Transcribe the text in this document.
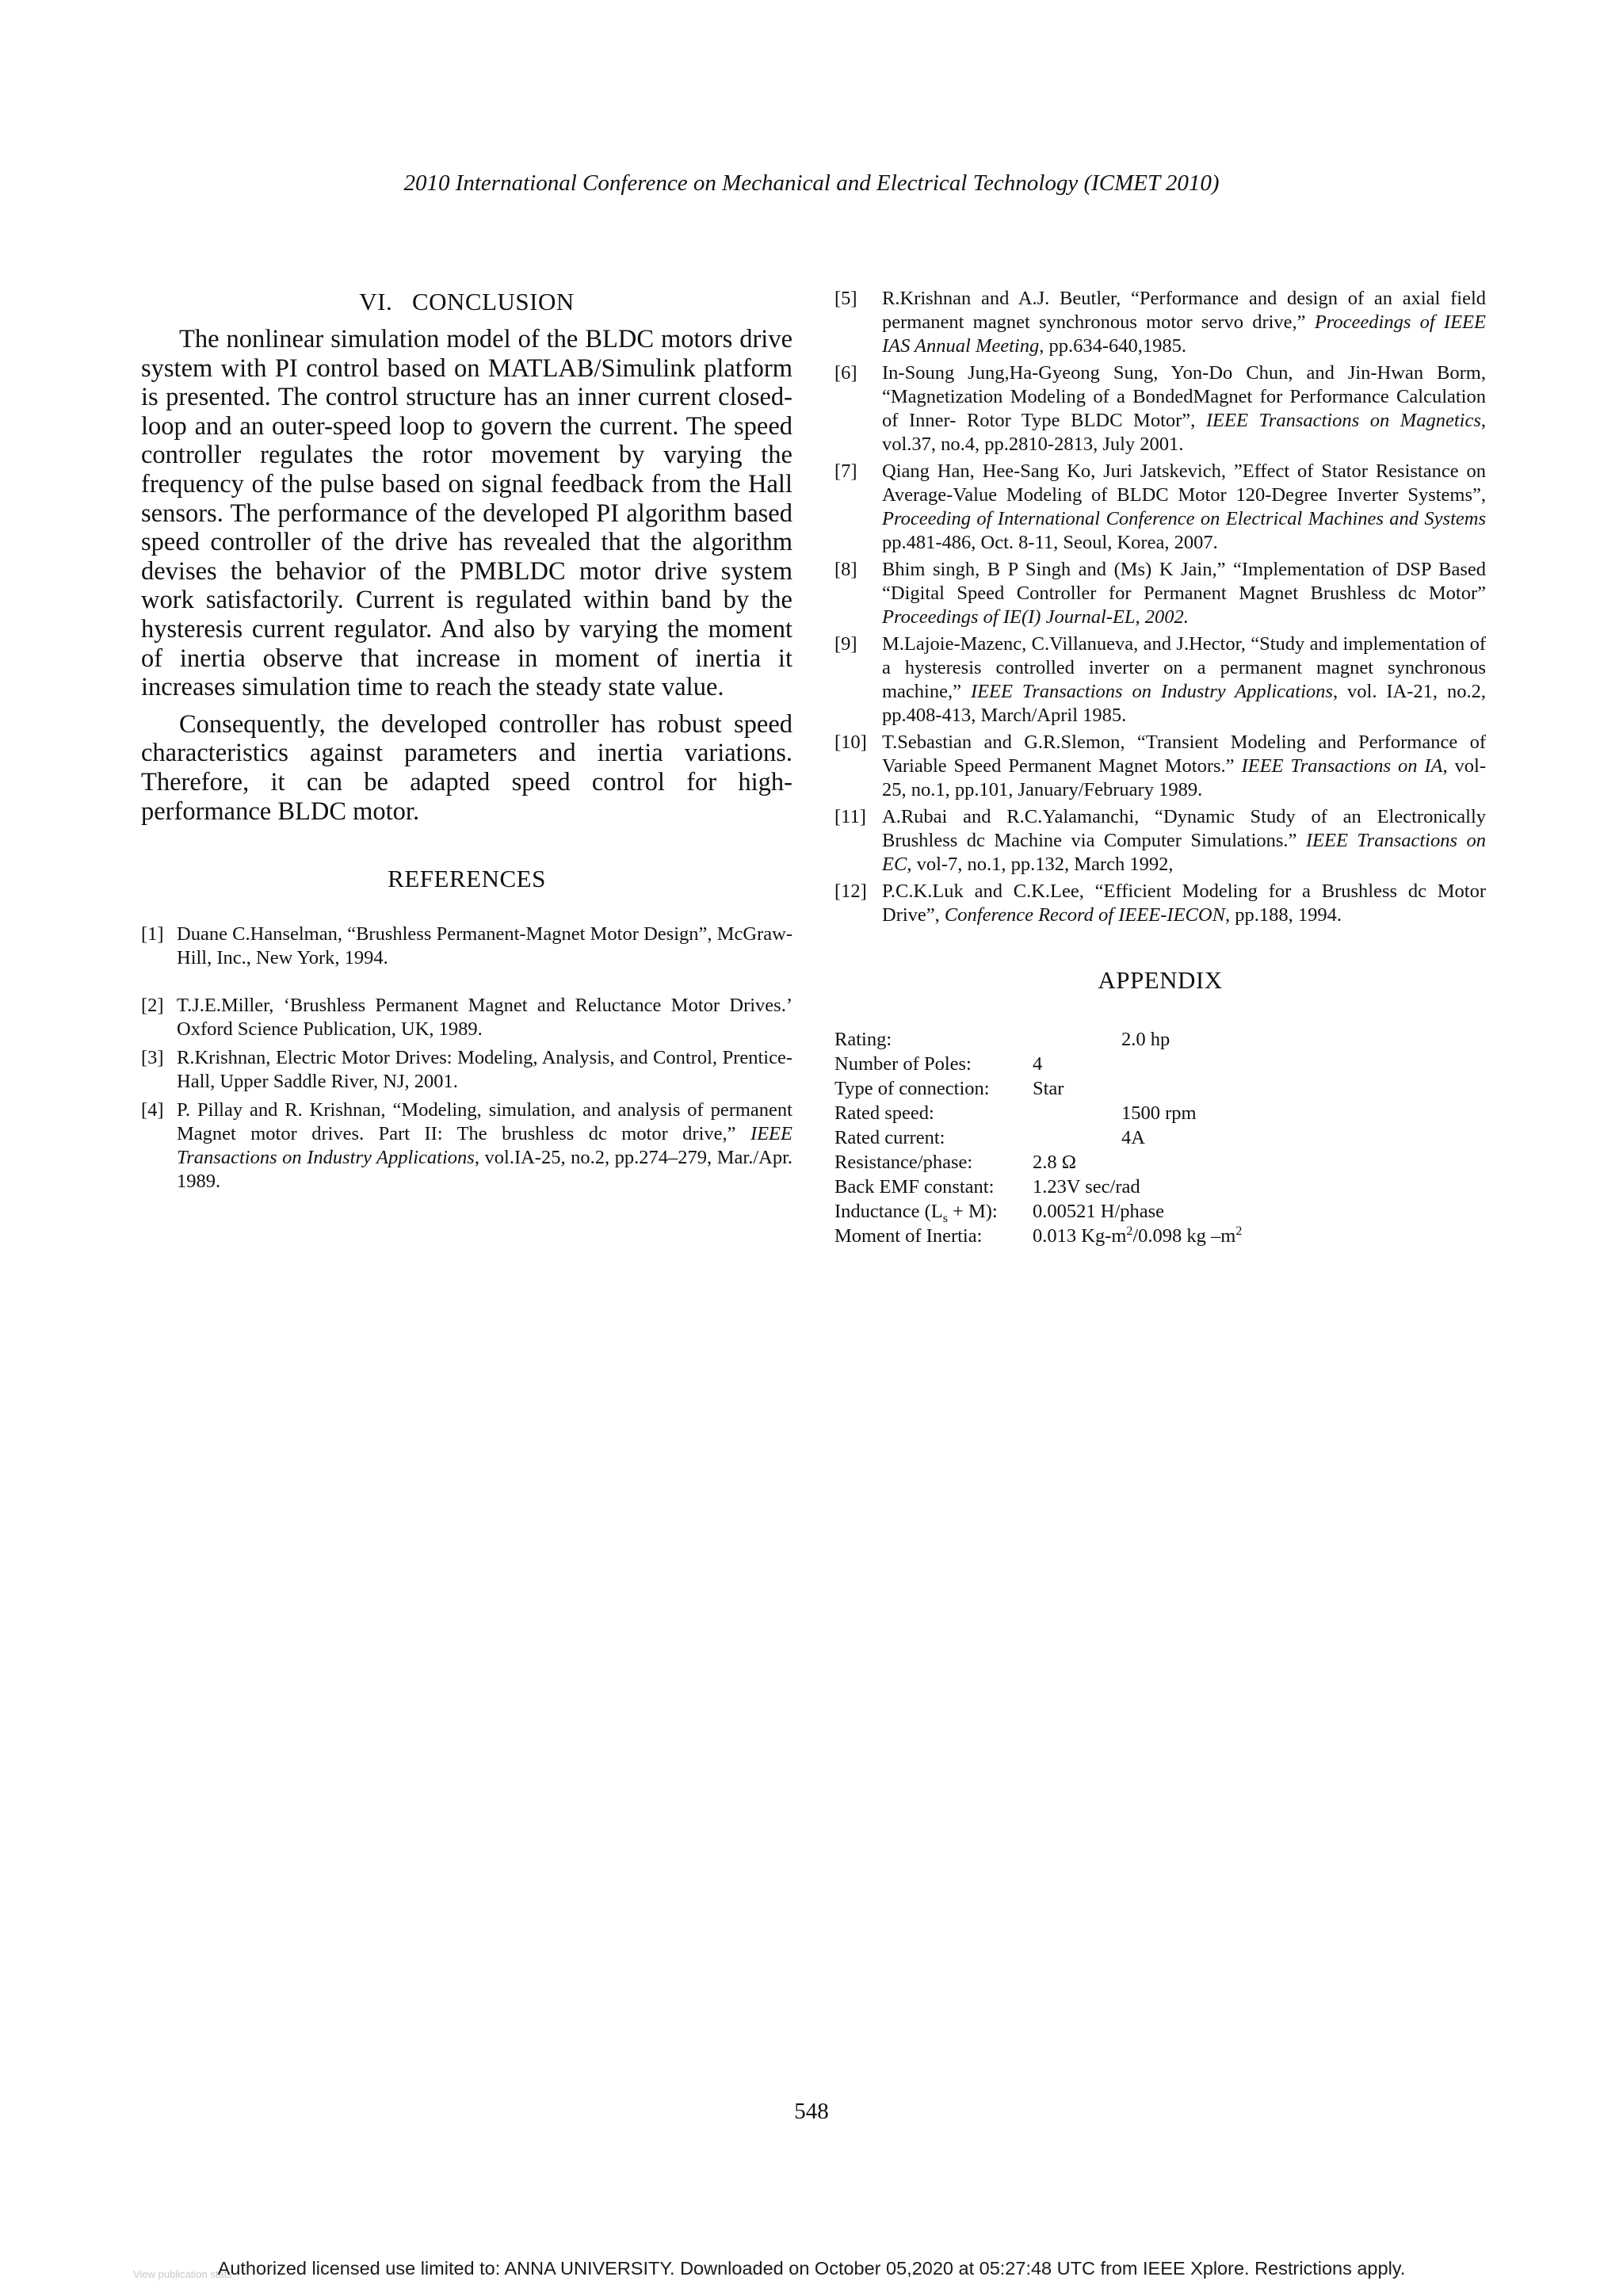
2010 International Conference on Mechanical and Electrical Technology (ICMET 2010)
VI.   CONCLUSION

The nonlinear simulation model of the BLDC motors drive system with PI control based on MATLAB/Simulink platform is presented. The control structure has an inner current closed-loop and an outer-speed loop to govern the current. The speed controller regulates the rotor movement by varying the frequency of the pulse based on signal feedback from the Hall sensors. The performance of the developed PI algorithm based speed controller of the drive has revealed that the algorithm devises the behavior of the PMBLDC motor drive system work satisfactorily. Current is regulated within band by the hysteresis current regulator. And also by varying the moment of inertia observe that increase in moment of inertia it increases simulation time to reach the steady state value.

Consequently, the developed controller has robust speed characteristics against parameters and inertia variations. Therefore, it can be adapted speed control for high-performance BLDC motor.

REFERENCES
[1] Duane C.Hanselman, “Brushless Permanent-Magnet Motor Design”, McGraw-Hill, Inc., New York, 1994.
[2] T.J.E.Miller, ‘Brushless Permanent Magnet and Reluctance Motor Drives.’ Oxford Science Publication, UK, 1989.
[3] R.Krishnan, Electric Motor Drives: Modeling, Analysis, and Control, Prentice-Hall, Upper Saddle River, NJ, 2001.
[4] P. Pillay and R. Krishnan, “Modeling, simulation, and analysis of permanent Magnet motor drives. Part II: The brushless dc motor drive,” IEEE Transactions on Industry Applications, vol.IA-25, no.2, pp.274–279, Mar./Apr. 1989.
[5] R.Krishnan and A.J. Beutler, “Performance and design of an axial field permanent magnet synchronous motor servo drive,” Proceedings of IEEE IAS Annual Meeting, pp.634-640,1985.
[6] In-Soung Jung,Ha-Gyeong Sung, Yon-Do Chun, and Jin-Hwan Borm, “Magnetization Modeling of a BondedMagnet for Performance Calculation of Inner- Rotor Type BLDC Motor”, IEEE Transactions on Magnetics, vol.37, no.4, pp.2810-2813, July 2001.
[7] Qiang Han, Hee-Sang Ko, Juri Jatskevich, ”Effect of Stator Resistance on Average-Value Modeling of BLDC Motor 120-Degree Inverter Systems”, Proceeding of International Conference on Electrical Machines and Systems pp.481-486, Oct. 8-11, Seoul, Korea, 2007.
[8] Bhim singh, B P Singh and (Ms) K Jain,” “Implementation of DSP Based “Digital Speed Controller for Permanent Magnet Brushless dc Motor” Proceedings of IE(I) Journal-EL, 2002.
[9] M.Lajoie-Mazenc, C.Villanueva, and J.Hector, “Study and implementation of a hysteresis controlled inverter on a permanent magnet synchronous machine,” IEEE Transactions on Industry Applications, vol. IA-21, no.2, pp.408-413, March/April 1985.
[10] T.Sebastian and G.R.Slemon, “Transient Modeling and Performance of Variable Speed Permanent Magnet Motors.” IEEE Transactions on IA, vol-25, no.1, pp.101, January/February 1989.
[11] A.Rubai and R.C.Yalamanchi, “Dynamic Study of an Electronically Brushless dc Machine via Computer Simulations.” IEEE Transactions on EC, vol-7, no.1, pp.132, March 1992,
[12] P.C.K.Luk and C.K.Lee, “Efficient Modeling for a Brushless dc Motor Drive”, Conference Record of IEEE-IECON, pp.188, 1994.
APPENDIX
Rating:	2.0 hp
Number of Poles:	4
Type of connection:	Star
Rated speed:	1500 rpm
Rated current:	4A
Resistance/phase:	2.8 Ω
Back EMF constant:	1.23V sec/rad
Inductance $(L_s + M)$:	0.00521 H/phase
Moment of Inertia:	0.013 $Kg-m^2/0.098$ kg $-m^2$
548
View publication stats
Authorized licensed use limited to: ANNA UNIVERSITY. Downloaded on October 05,2020 at 05:27:48 UTC from IEEE Xplore. Restrictions apply.
